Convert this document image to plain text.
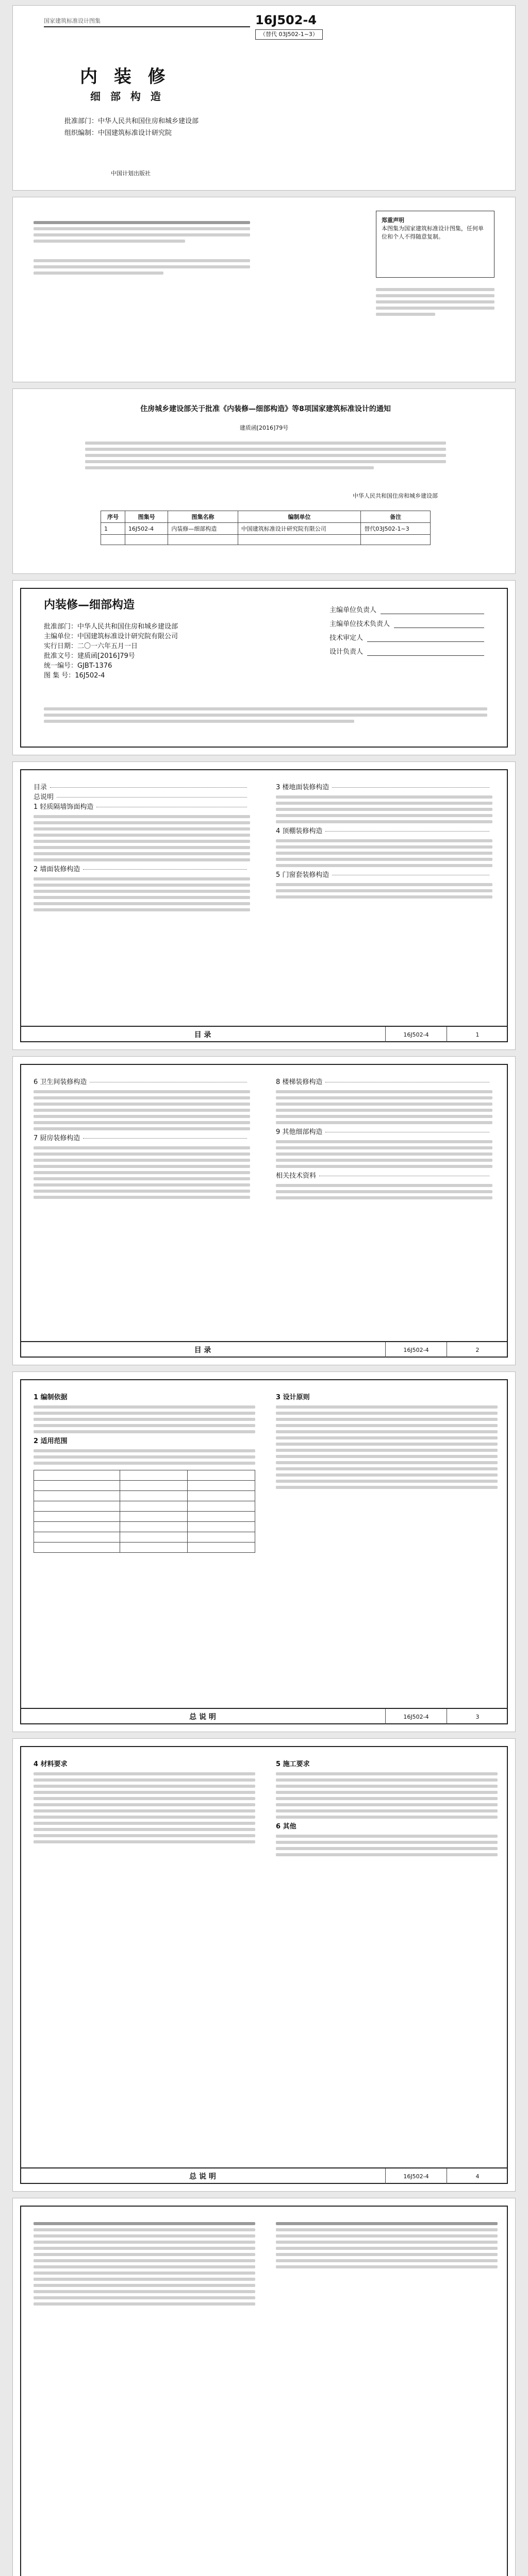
国家建筑标准设计图集	16J502-4
（替代 03J502-1~3）
内 装 修
细 部 构 造
批准部门：中华人民共和国住房和城乡建设部
组织编制：中国建筑标准设计研究院
中国计划出版社
郑重声明
本图集为国家建筑标准设计图集，任何单位和个人不得随意复制。
住房城乡建设部关于批准《内装修—细部构造》等8项国家建筑标准设计的通知
建质函[2016]79号
中华人民共和国住房和城乡建设部
序号	图集号	图集名称	编制单位	备注
1	16J502-4	内装修—细部构造	中国建筑标准设计研究院有限公司	替代03J502-1~3

内装修—细部构造
批准部门：中华人民共和国住房和城乡建设部
主编单位：中国建筑标准设计研究院有限公司
实行日期：二〇一六年五月一日
批准文号：建质函[2016]79号
统一编号：GJBT-1376
图 集 号：16J502-4
主编单位负责人
主编单位技术负责人
技术审定人
设计负责人
目录
总说明
1 轻质隔墙饰面构造
2 墙面装修构造
3 楼地面装修构造
4 顶棚装修构造
5 门窗套装修构造
目 录	16J502-4	1
6 卫生间装修构造
7 厨房装修构造
8 楼梯装修构造
9 其他细部构造
相关技术资料
目 录	16J502-4	2
1 编制依据
2 适用范围

3 设计原则
总 说 明	16J502-4	3
4 材料要求	5 施工要求
6 其他
总 说 明	16J502-4	4
